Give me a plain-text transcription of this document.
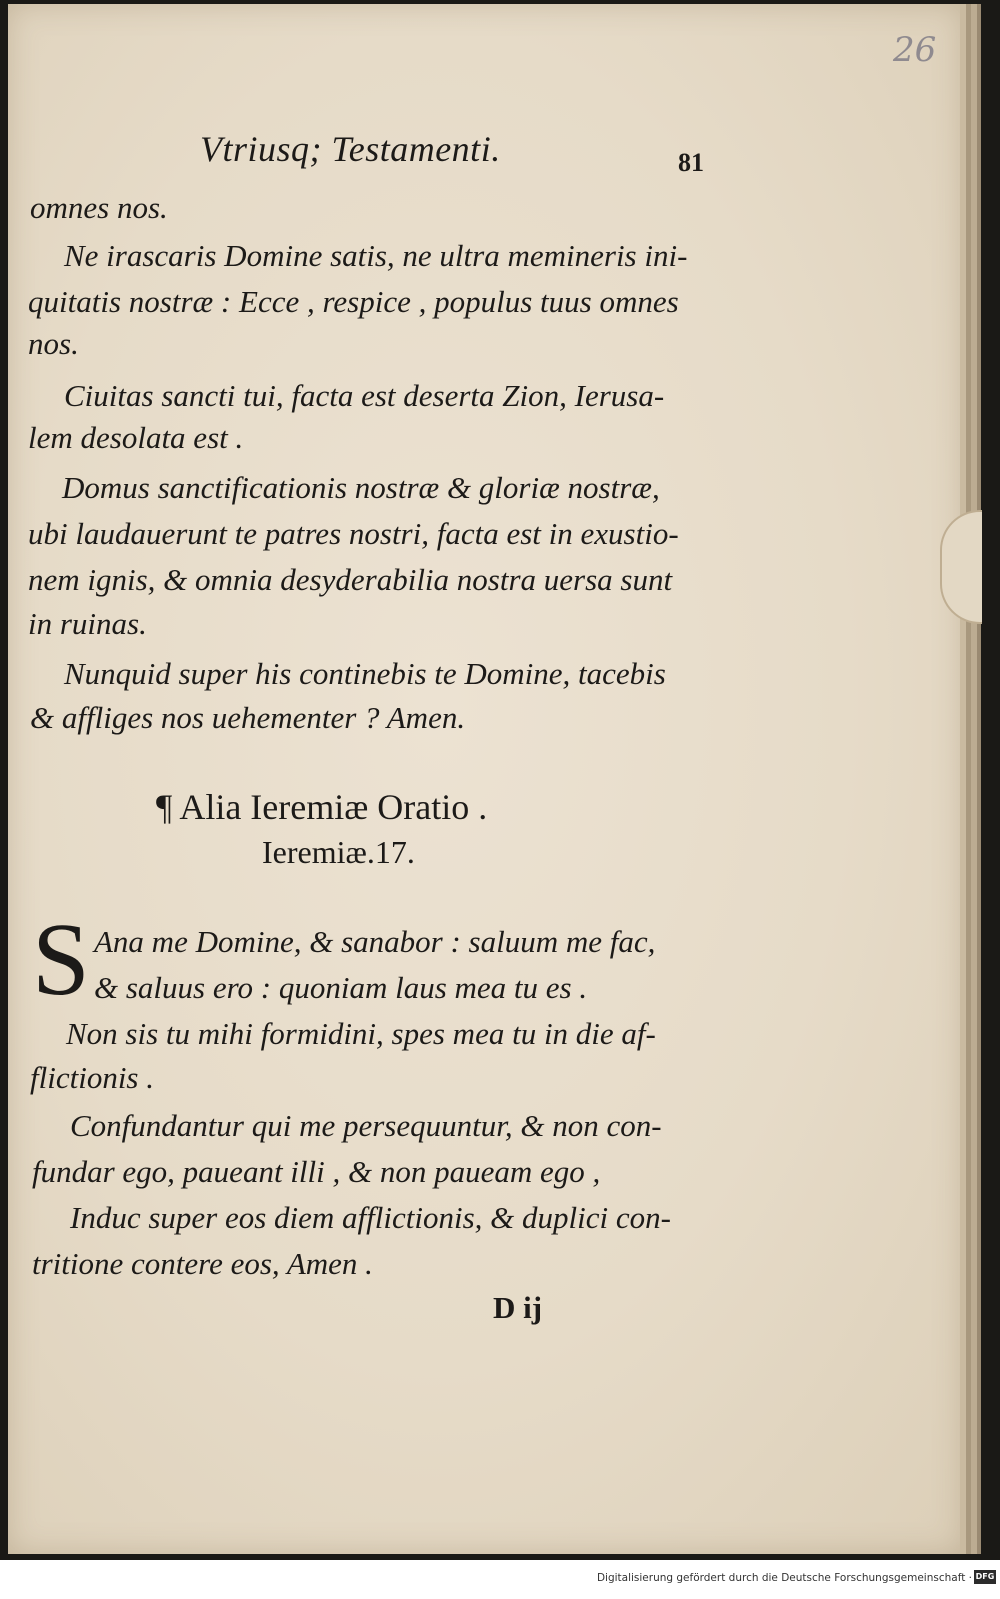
26
Vtriusq; Testamenti.	81
omnes nos.
Ne irascaris Domine satis, ne ultra memineris ini-
quitatis nostræ : Ecce , respice , populus tuus omnes
nos.
Ciuitas sancti tui, facta est deserta Zion, Ierusa-
lem desolata est .
Domus sanctificationis nostræ & gloriæ nostræ,
ubi laudauerunt te patres nostri, facta est in exustio-
nem ignis, & omnia desyderabilia nostra uersa sunt
in ruinas.
Nunquid super his continebis te Domine, tacebis
& affliges nos uehementer ? Amen.
¶ Alia Ieremiæ Oratio .
Ieremiæ.17.
S Ana me Domine, & sanabor : saluum me fac,
& saluus ero : quoniam laus mea tu es .
Non sis tu mihi formidini, spes mea tu in die af-
flictionis .
Confundantur qui me persequuntur, & non con-
fundar ego, paueant illi , & non paueam ego ,
Induc super eos diem afflictionis, & duplici con-
tritione contere eos, Amen .
D ij
Digitalisierung gefördert durch die Deutsche Forschungsgemeinschaft · DFG
